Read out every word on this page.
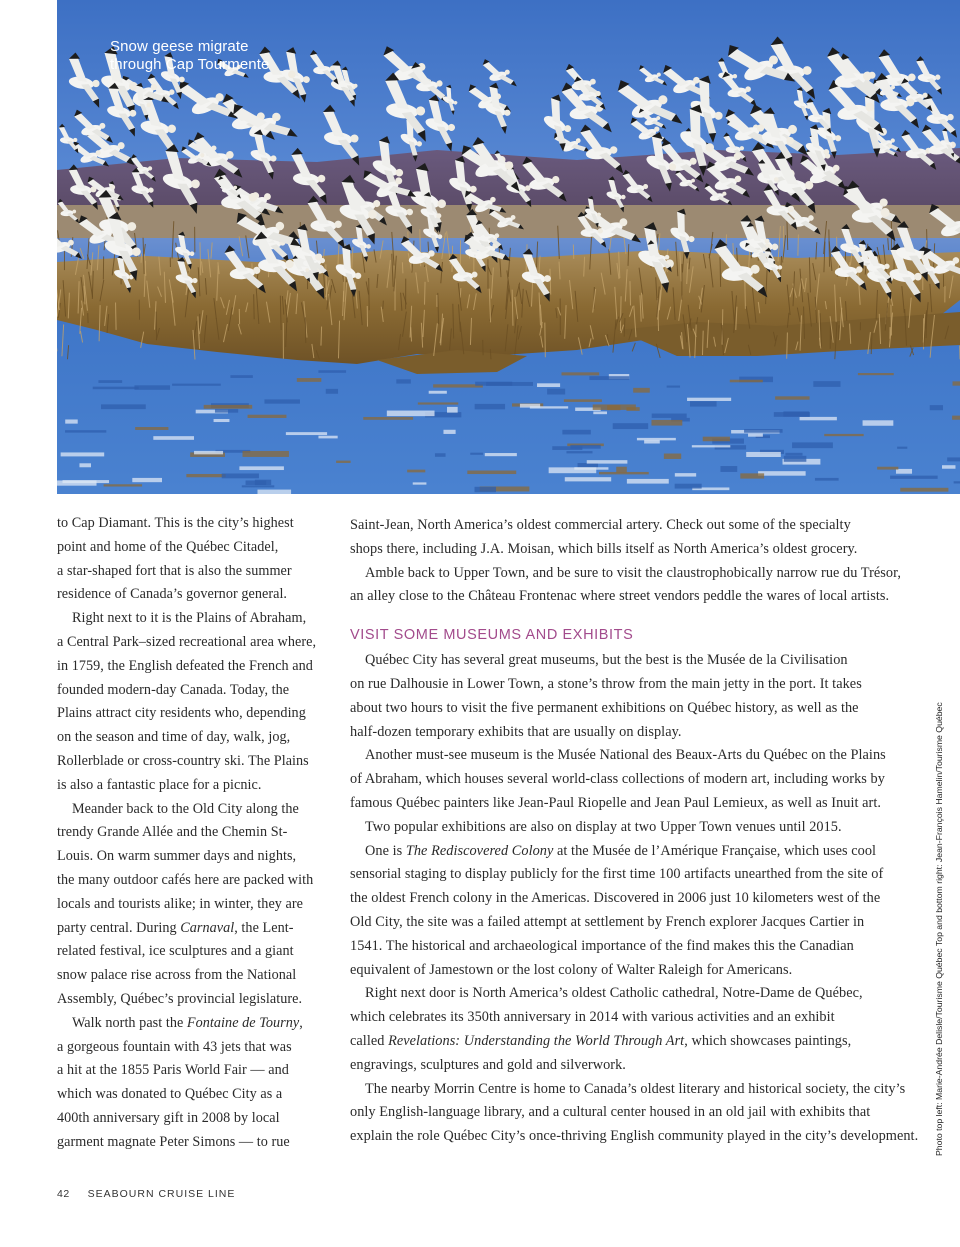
Snow geese migrate
through Cap Tourmente

to Cap Diamant. This is the city’s highest
point and home of the Québec Citadel,
a star-shaped fort that is also the summer
residence of Canada’s governor general.

Right next to it is the Plains of Abraham,
a Central Park–sized recreational area where,
in 1759, the English defeated the French and
founded modern-day Canada. Today, the
Plains attract city residents who, depending
on the season and time of day, walk, jog,
Rollerblade or cross-country ski. The Plains
is also a fantastic place for a picnic.

Meander back to the Old City along the
trendy Grande Allée and the Chemin St-
Louis. On warm summer days and nights,
the many outdoor cafés here are packed with
locals and tourists alike; in winter, they are
party central. During Carnaval, the Lent-
related festival, ice sculptures and a giant
snow palace rise across from the National
Assembly, Québec’s provincial legislature.

Walk north past the Fontaine de Tourny,
a gorgeous fountain with 43 jets that was
a hit at the 1855 Paris World Fair — and
which was donated to Québec City as a
400th anniversary gift in 2008 by local
garment magnate Peter Simons — to rue

Saint-Jean, North America’s oldest commercial artery. Check out some of the specialty
shops there, including J.A. Moisan, which bills itself as North America’s oldest grocery.

Amble back to Upper Town, and be sure to visit the claustrophobically narrow rue du Trésor,
an alley close to the Château Frontenac where street vendors peddle the wares of local artists.

VISIT SOME MUSEUMS AND EXHIBITS

Québec City has several great museums, but the best is the Musée de la Civilisation
on rue Dalhousie in Lower Town, a stone’s throw from the main jetty in the port. It takes
about two hours to visit the five permanent exhibitions on Québec history, as well as the
half-dozen temporary exhibits that are usually on display.

Another must-see museum is the Musée National des Beaux-Arts du Québec on the Plains
of Abraham, which houses several world-class collections of modern art, including works by
famous Québec painters like Jean-Paul Riopelle and Jean Paul Lemieux, as well as Inuit art.

Two popular exhibitions are also on display at two Upper Town venues until 2015.

One is The Rediscovered Colony at the Musée de l’Amérique Française, which uses cool
sensorial staging to display publicly for the first time 100 artifacts unearthed from the site of
the oldest French colony in the Americas. Discovered in 2006 just 10 kilometers west of the
Old City, the site was a failed attempt at settlement by French explorer Jacques Cartier in
1541. The historical and archaeological importance of the find makes this the Canadian
equivalent of Jamestown or the lost colony of Walter Raleigh for Americans.

Right next door is North America’s oldest Catholic cathedral, Notre-Dame de Québec,
which celebrates its 350th anniversary in 2014 with various activities and an exhibit
called Revelations: Understanding the World Through Art, which showcases paintings,
engravings, sculptures and gold and silverwork.

The nearby Morrin Centre is home to Canada’s oldest literary and historical society, the city’s
only English-language library, and a cultural center housed in an old jail with exhibits that
explain the role Québec City’s once-thriving English community played in the city’s development. Photo top left: Marie-Andrée Delisle/Tourisme Québec Top and bottom right: Jean-François Hamelin/Tourisme Québec
42 SEABOURN CRUISE LINE
